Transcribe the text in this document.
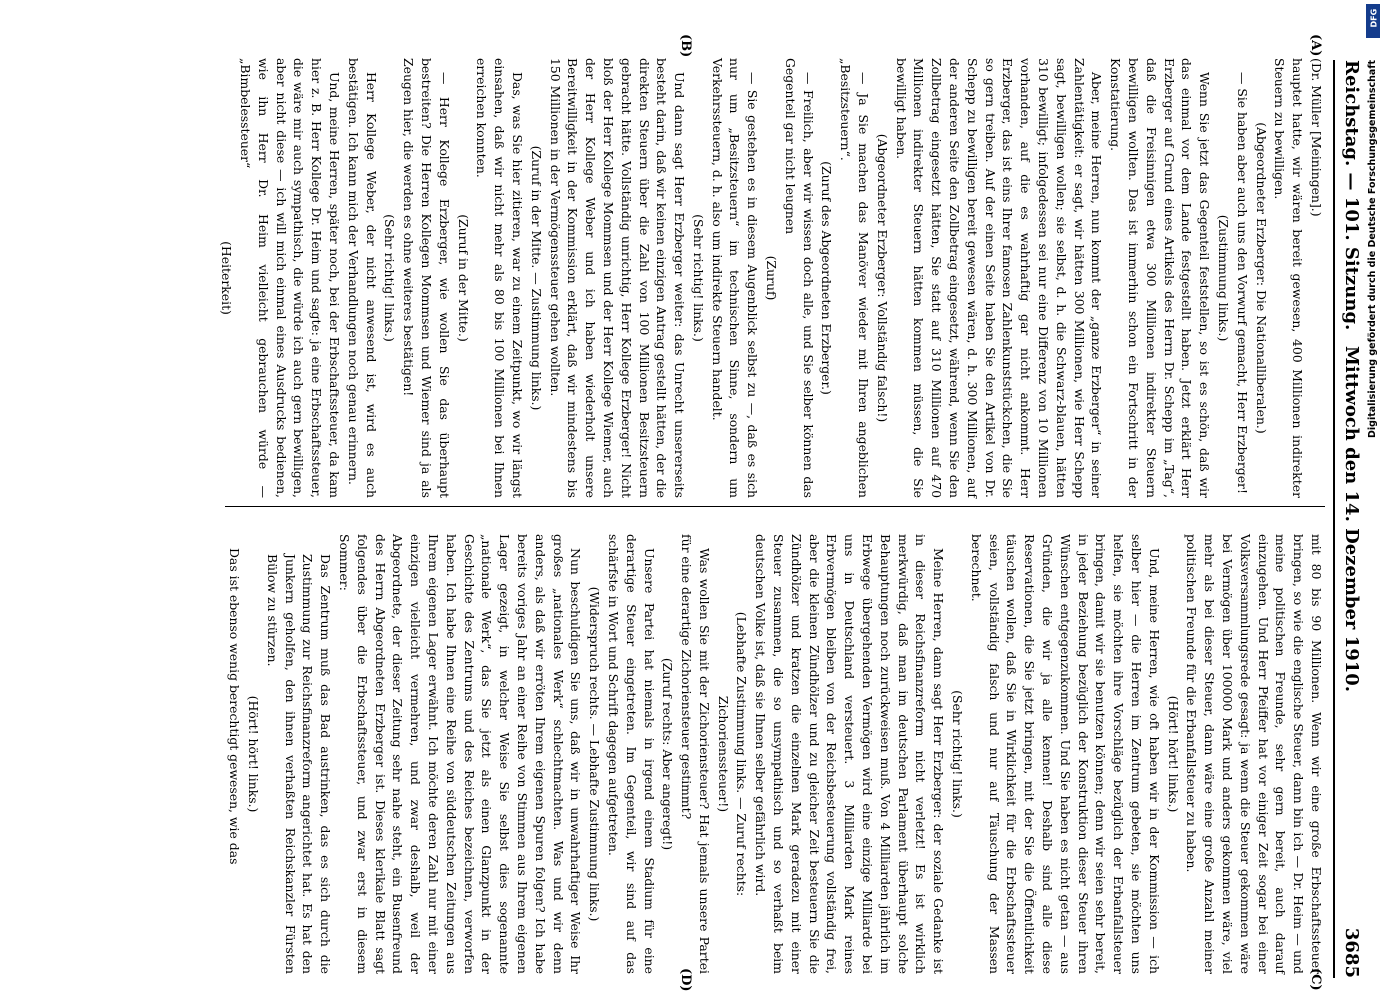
Reichstag. — 101. Sitzung.
Mittwoch den 14. Dezember 1910.
3685
(A)
(B)
(C)
(D)

(Dr. Müller [Meiningen].)

hauptet hatte, wir wären bereit gewesen, 400 Millionen indirekter Steuern zu bewilligen.

(Abgeordneter Erzberger: Die Nationalliberalen.)

— Sie haben aber auch uns den Vorwurf gemacht, Herr Erzberger!

(Zustimmung links.)

Wenn Sie jetzt das Gegenteil feststellen, so ist es schön, daß wir das einmal vor dem Lande festgestellt haben. Jetzt erklärt Herr Erzberger auf Grund eines Artikels des Herrn Dr. Schepp im „Tag“, daß die Freisinnigen etwa 300 Millionen indirekter Steuern bewilligen wollten. Das ist immerhin schon ein Fortschritt in der Konstatierung.

Aber, meine Herren, nun kommt der „ganze Erzberger“ in seiner Zahlentätigkeit: er sagt, wir hätten 300 Millionen, wie Herr Schepp sagt, bewilligen wollen; sie selbst, d. h. die Schwarz-blauen, hätten 310 bewilligt; infolgedessen sei nur eine Differenz von 10 Millionen vorhanden, auf die es wahrhaftig gar nicht ankommt. Herr Erzberger, das ist eins Ihrer famosen Zahlenkunststückchen, die Sie so gern treiben. Auf der einen Seite haben Sie den Artikel von Dr. Schepp zu bewilligen bereit gewesen wären, d. h. 300 Millionen, auf der anderen Seite den Zollbetrag eingesetzt, während, wenn Sie den Zollbetrag eingesetzt hätten, Sie statt auf 310 Millionen auf 470 Millionen indirekter Steuern hätten kommen müssen, die Sie bewilligt haben.

(Abgeordneter Erzberger: Vollständig falsch!)

— Ja Sie machen das Manöver wieder mit Ihren angeblichen „Besitzsteuern“.

(Zuruf des Abgeordneten Erzberger.)

— Freilich, aber wir wissen doch alle, und Sie selber können das Gegenteil gar nicht leugnen

(Zuruf)

— Sie gestehen es in diesem Augenblick selbst zu —, daß es sich nur um „Besitzsteuern“ im technischen Sinne, sondern um Verkehrssteuern, d. h. also um indirekte Steuern handelt.

(Sehr richtig! links.)

Und dann sagt Herr Erzberger weiter: das Unrecht unsererseits besteht darin, daß wir keinen einzigen Antrag gestellt hätten, der die direkten Steuern über die Zahl von 100 Millionen Besitzsteuern gebracht hätte. Vollständig unrichtig, Herr Kollege Erzberger! Nicht bloß der Herr Kollege Mommsen und der Herr Kollege Wiemer, auch der Herr Kollege Weber und ich haben wiederholt unsere Bereitwilligkeit in der Kommission erklärt, daß wir mindestens bis 150 Millionen in der Vermögenssteuer gehen wollten.

(Zuruf in der Mitte. — Zustimmung links.)

Das, was Sie hier zitieren, war zu einem Zeitpunkt, wo wir längst einsahen, daß wir nicht mehr als 80 bis 100 Millionen bei Ihnen erreichen konnten.

(Zuruf in der Mitte.)

— Herr Kollege Erzberger, wie wollen Sie das überhaupt bestreiten? Die Herren Kollegen Mommsen und Wiemer sind ja als Zeugen hier, die werden es ohne weiteres bestätigen!

(Sehr richtig! links.)

Herr Kollege Weber, der nicht anwesend ist, wird es auch bestätigen. Ich kann mich der Verhandlungen noch genau erinnern.

Und, meine Herren, später noch, bei der Erbschaftssteuer, da kam hier z. B. Herr Kollege Dr. Heim und sagte: ja eine Erbschaftssteuer, die wäre mir auch sympathisch, die würde ich auch gern bewilligen, aber nicht diese — ich will mich einmal eines Ausdrucks bedienen, wie ihn Herr Dr. Heim vielleicht gebrauchen würde — „Bimbelessteuer“

(Heiterkeit)

mit 80 bis 90 Millionen. Wenn wir eine große Erbschaftssteuer bringen, so wie die englische Steuer, dann bin ich — Dr. Heim — und meine politischen Freunde, sehr gern bereit, auch darauf einzugehen. Und Herr Pfeiffer hat vor einiger Zeit sogar bei einer Volksversammlungsrede gesagt: ja wenn die Steuer gekommen wäre bei Vermögen über 100000 Mark und anders gekommen wäre, viel mehr als bei dieser Steuer, dann wäre eine große Anzahl meiner politischen Freunde für die Erbanfallsteuer zu haben.

(Hört! hört! links.)

Und, meine Herren, wie oft haben wir in der Kommission — ich selber hier — die Herren im Zentrum gebeten, sie möchten uns helfen, sie möchten ihre Vorschläge bezüglich der Erbanfallsteuer bringen, damit wir sie benutzen können; denn wir seien sehr bereit, in jeder Beziehung bezüglich der Konstruktion dieser Steuer ihren Wünschen entgegenzukommen. Und Sie haben es nicht getan — aus Gründen, die wir ja alle kennen! Deshalb sind alle diese Reservationen, die Sie jetzt bringen, mit der Sie die Öffentlichkeit täuschen wollen, daß Sie in Wirklichkeit für die Erbschaftssteuer seien, vollständig falsch und nur auf Täuschung der Massen berechnet.

(Sehr richtig! links.)

Meine Herren, dann sagt Herr Erzberger: der soziale Gedanke ist in dieser Reichsfinanzreform nicht verletzt! Es ist wirklich merkwürdig, daß man im deutschen Parlament überhaupt solche Behauptungen noch zurückweisen muß. Von 4 Milliarden jährlich im Erbwege übergehenden Vermögen wird eine einzige Milliarde bei uns in Deutschland versteuert. 3 Milliarden Mark reines Erbvermögen bleiben von der Reichsbesteuerung vollständig frei, aber die kleinen Zündhölzer und zu gleicher Zeit besteuern Sie die Zündhölzer und kratzen die einzelnen Mark geradezu mit einer Steuer zusammen, die so unsympathisch und so verhaßt beim deutschen Volke ist, daß sie Ihnen selber gefährlich wird.

(Lebhafte Zustimmung links. — Zuruf rechts:

Zichorienssteuer!)

Was wollen Sie mit der Zichoriensteuer? Hat jemals unsere Partei für eine derartige Zichoriensteuer gestimmt?

(Zuruf rechts: Aber angeregt!)

Unsere Partei hat niemals in irgend einem Stadium für eine derartige Steuer eingetreten. Im Gegenteil, wir sind auf das schärfste in Wort und Schrift dagegen aufgetreten.

(Widerspruch rechts. — Lebhafte Zustimmung links.)

Nun beschuldigen Sie uns, daß wir in unwahrhaftiger Weise Ihr großes „nationales Werk“ schlechtmachten. Was und wir denn anders, als daß wir erröten Ihrem eigenen Spuren folgen? Ich habe bereits voriges Jahr an einer Reihe von Stimmen aus Ihrem eigenen Lager gezeigt, in welcher Weise Sie selbst dies sogenannte „nationale Werk“, das Sie jetzt als einen Glanzpunkt in der Geschichte des Zentrums und des Reiches bezeichnen, verworfen haben. Ich habe Ihnen eine Reihe von süddeutschen Zeitungen aus Ihrem eigenen Lager erwähnt. Ich möchte deren Zahl nur mit einer einzigen vielleicht vermehren, und zwar deshalb, weil der Abgeordnete, der dieser Zeitung sehr nahe steht, ein Busenfreund des Herrn Abgeordneten Erzberger ist. Dieses klerikale Blatt sagt folgendes über die Erbschaftssteuer, und zwar erst in diesem Sommer:

Das Zentrum muß das Bad austrinken, das es sich durch die Zustimmung zur Reichsfinanzreform angerichtet hat. Es hat den Junkern geholfen, den ihnen verhaßten Reichskanzler Fürsten Bülow zu stürzen.

(Hört! hört! links.)

Das ist ebenso wenig berechtigt gewesen, wie das

Digitalisierung gefördert durch die Deutsche Forschungsgemeinschaft
DFG
